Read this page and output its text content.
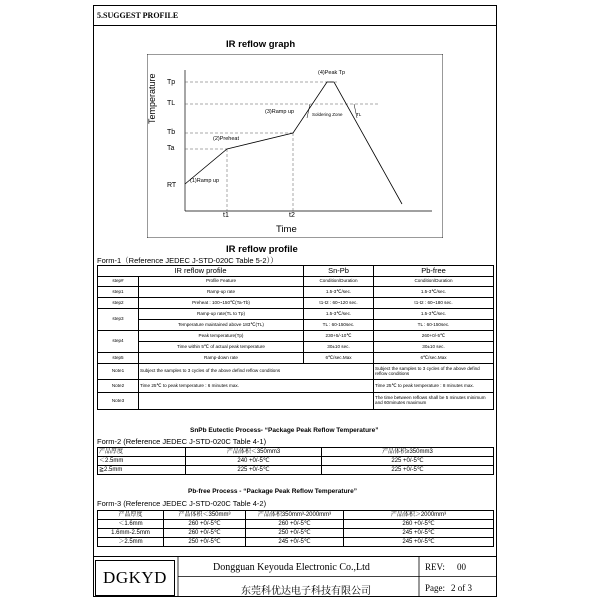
5.SUGGEST PROFILE
IR reflow graph
Temperature Tp
TL
Tb
Ta
RT
t1	t2
Time
(1)Ramp up
(2)Preheat
(3)Ramp up
(4)Peak Tp
Soldering Zone	TL
IR reflow profile
Form-1（Reference JEDEC J-STD-020C Table 5-2））
IR reflow profile		Sn-Pb	Pb-free
step#	Profile Feature	Condition/Duration	Condition/Duration
step1	Ramp-up rate	1.5-3℃/sec.	1.5-3℃/sec.
step2	Preheat : 100~150℃(Ta-Tb)	t1-t2 : 60~120 sec.	t1-t2 : 60~180 sec.
step3	Ramp-up rate(TL to Tp)	1.5-3℃/sec.	1.5-3℃/sec.
	Temperature maintained above 183℃(TL)	TL : 60-150sec.	TL : 60-150sec.
step4	Peak temperature(Tp)	230+5/-10℃	260+0/-5℃
	Time within 5℃ of actual peak temperature	30±10 sec.	30±10 sec.
step5	Ramp-down rate	6℃/sec.Max	6℃/sec.Max
Note1	Subject the samples to 3 cycles of the above defind reflow conditions		Subject the samples to 3 cycles of the above defind reflow conditions
Note2	Time 25℃ to peak temperature : 6 minutes max.		Time 25℃ to peak temperature : 8 minutes max.
Note3			The time between reflows shall be 5 minutes minimum and 60minutes maximum
SnPb Eutectic Process- “Package Peak Reflow Temperature”
Form-2 (Reference JEDEC J-STD-020C Table 4-1)
产品厚度	产品体积＜350mm3	产品体积≥350mm3
＜2.5mm	240 +0/-5℃	225 +0/-5℃
≧2.5mm	225 +0/-5℃	225 +0/-5℃
Pb-free Process - “Package Peak Reflow Temperature”
Form-3 (Reference JEDEC J-STD-020C Table 4-2)
产品厚度	产品体积＜350mm³	产品体积350mm³-2000mm³	产品体积＞2000mm³
＜1.6mm	260 +0/-5℃	260 +0/-5℃	260 +0/-5℃
1.6mm-2.5mm	260 +0/-5℃	250 +0/-5℃	245 +0/-5℃
＞2.5mm	250 +0/-5℃	245 +0/-5℃	245 +0/-5℃
DGKYD
Dongguan Keyouda Electronic Co.,Ltd
东莞科优达电子科技有限公司
REV: 00
Page: 2 of 3
